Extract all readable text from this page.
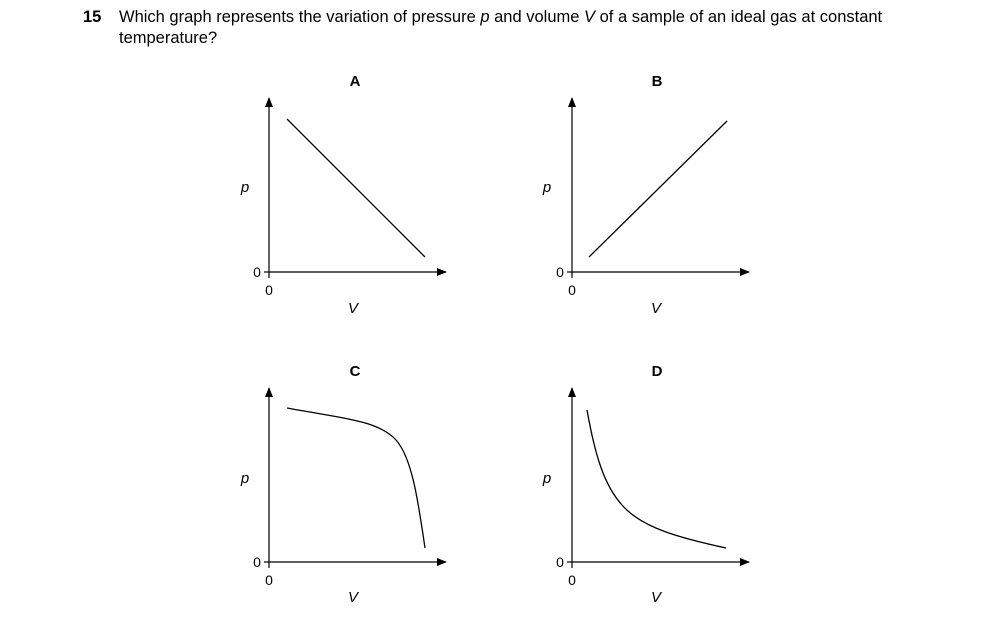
15 Which graph represents the variation of pressure p and volume V of a sample of an ideal gas at constant temperature?
A
0
0
p
V
B
0
0
p
V
C
0
0
p
V
D
0
0
p
V
